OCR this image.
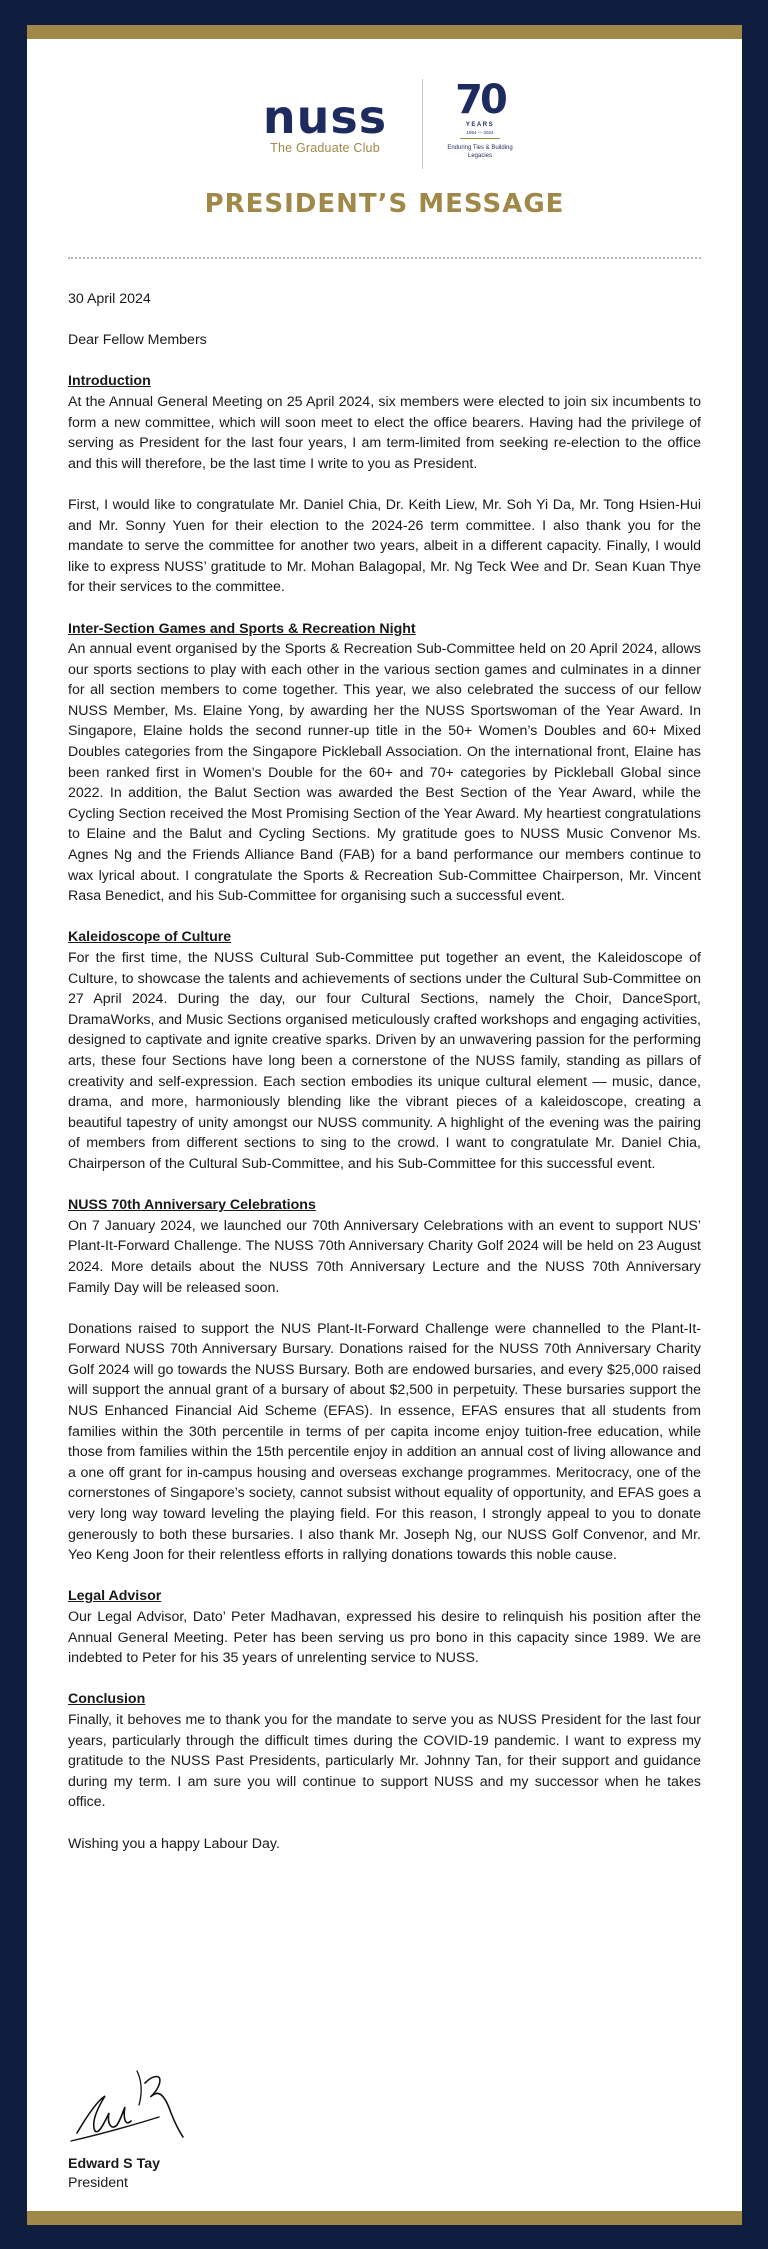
nuss
The Graduate Club
70
YEARS
1954 — 2024
Enduring Ties & Building Legacies
PRESIDENT’S MESSAGE

30 April 2024

Dear Fellow Members

Introduction

At the Annual General Meeting on 25 April 2024, six members were elected to join six incumbents to form a new committee, which will soon meet to elect the office bearers. Having had the privilege of serving as President for the last four years, I am term-limited from seeking re-election to the office and this will therefore, be the last time I write to you as President.

First, I would like to congratulate Mr. Daniel Chia, Dr. Keith Liew, Mr. Soh Yi Da, Mr. Tong Hsien-Hui and Mr. Sonny Yuen for their election to the 2024-26 term committee. I also thank you for the mandate to serve the committee for another two years, albeit in a different capacity. Finally, I would like to express NUSS’ gratitude to Mr. Mohan Balagopal, Mr. Ng Teck Wee and Dr. Sean Kuan Thye for their services to the committee.

Inter-Section Games and Sports & Recreation Night

An annual event organised by the Sports & Recreation Sub-Committee held on 20 April 2024, allows our sports sections to play with each other in the various section games and culminates in a dinner for all section members to come together. This year, we also celebrated the success of our fellow NUSS Member, Ms. Elaine Yong, by awarding her the NUSS Sportswoman of the Year Award. In Singapore, Elaine holds the second runner-up title in the 50+ Women’s Doubles and 60+ Mixed Doubles categories from the Singapore Pickleball Association. On the international front, Elaine has been ranked first in Women’s Double for the 60+ and 70+ categories by Pickleball Global since 2022. In addition, the Balut Section was awarded the Best Section of the Year Award, while the Cycling Section received the Most Promising Section of the Year Award. My heartiest congratulations to Elaine and the Balut and Cycling Sections. My gratitude goes to NUSS Music Convenor Ms. Agnes Ng and the Friends Alliance Band (FAB) for a band performance our members continue to wax lyrical about. I congratulate the Sports & Recreation Sub-Committee Chairperson, Mr. Vincent Rasa Benedict, and his Sub-Committee for organising such a successful event.

Kaleidoscope of Culture

For the first time, the NUSS Cultural Sub-Committee put together an event, the Kaleidoscope of Culture, to showcase the talents and achievements of sections under the Cultural Sub-Committee on 27 April 2024. During the day, our four Cultural Sections, namely the Choir, DanceSport, DramaWorks, and Music Sections organised meticulously crafted workshops and engaging activities, designed to captivate and ignite creative sparks. Driven by an unwavering passion for the performing arts, these four Sections have long been a cornerstone of the NUSS family, standing as pillars of creativity and self-expression. Each section embodies its unique cultural element — music, dance, drama, and more, harmoniously blending like the vibrant pieces of a kaleidoscope, creating a beautiful tapestry of unity amongst our NUSS community. A highlight of the evening was the pairing of members from different sections to sing to the crowd. I want to congratulate Mr. Daniel Chia, Chairperson of the Cultural Sub-Committee, and his Sub-Committee for this successful event.

NUSS 70th Anniversary Celebrations

On 7 January 2024, we launched our 70th Anniversary Celebrations with an event to support NUS’ Plant-It-Forward Challenge. The NUSS 70th Anniversary Charity Golf 2024 will be held on 23 August 2024. More details about the NUSS 70th Anniversary Lecture and the NUSS 70th Anniversary Family Day will be released soon.

Donations raised to support the NUS Plant-It-Forward Challenge were channelled to the Plant-It-Forward NUSS 70th Anniversary Bursary. Donations raised for the NUSS 70th Anniversary Charity Golf 2024 will go towards the NUSS Bursary. Both are endowed bursaries, and every $25,000 raised will support the annual grant of a bursary of about $2,500 in perpetuity. These bursaries support the NUS Enhanced Financial Aid Scheme (EFAS). In essence, EFAS ensures that all students from families within the 30th percentile in terms of per capita income enjoy tuition-free education, while those from families within the 15th percentile enjoy in addition an annual cost of living allowance and a one off grant for in-campus housing and overseas exchange programmes. Meritocracy, one of the cornerstones of Singapore’s society, cannot subsist without equality of opportunity, and EFAS goes a very long way toward leveling the playing field. For this reason, I strongly appeal to you to donate generously to both these bursaries. I also thank Mr. Joseph Ng, our NUSS Golf Convenor, and Mr. Yeo Keng Joon for their relentless efforts in rallying donations towards this noble cause.

Legal Advisor

Our Legal Advisor, Dato’ Peter Madhavan, expressed his desire to relinquish his position after the Annual General Meeting. Peter has been serving us pro bono in this capacity since 1989. We are indebted to Peter for his 35 years of unrelenting service to NUSS.

Conclusion

Finally, it behoves me to thank you for the mandate to serve you as NUSS President for the last four years, particularly through the difficult times during the COVID-19 pandemic. I want to express my gratitude to the NUSS Past Presidents, particularly Mr. Johnny Tan, for their support and guidance during my term. I am sure you will continue to support NUSS and my successor when he takes office.

Wishing you a happy Labour Day.

Edward S Tay
President
